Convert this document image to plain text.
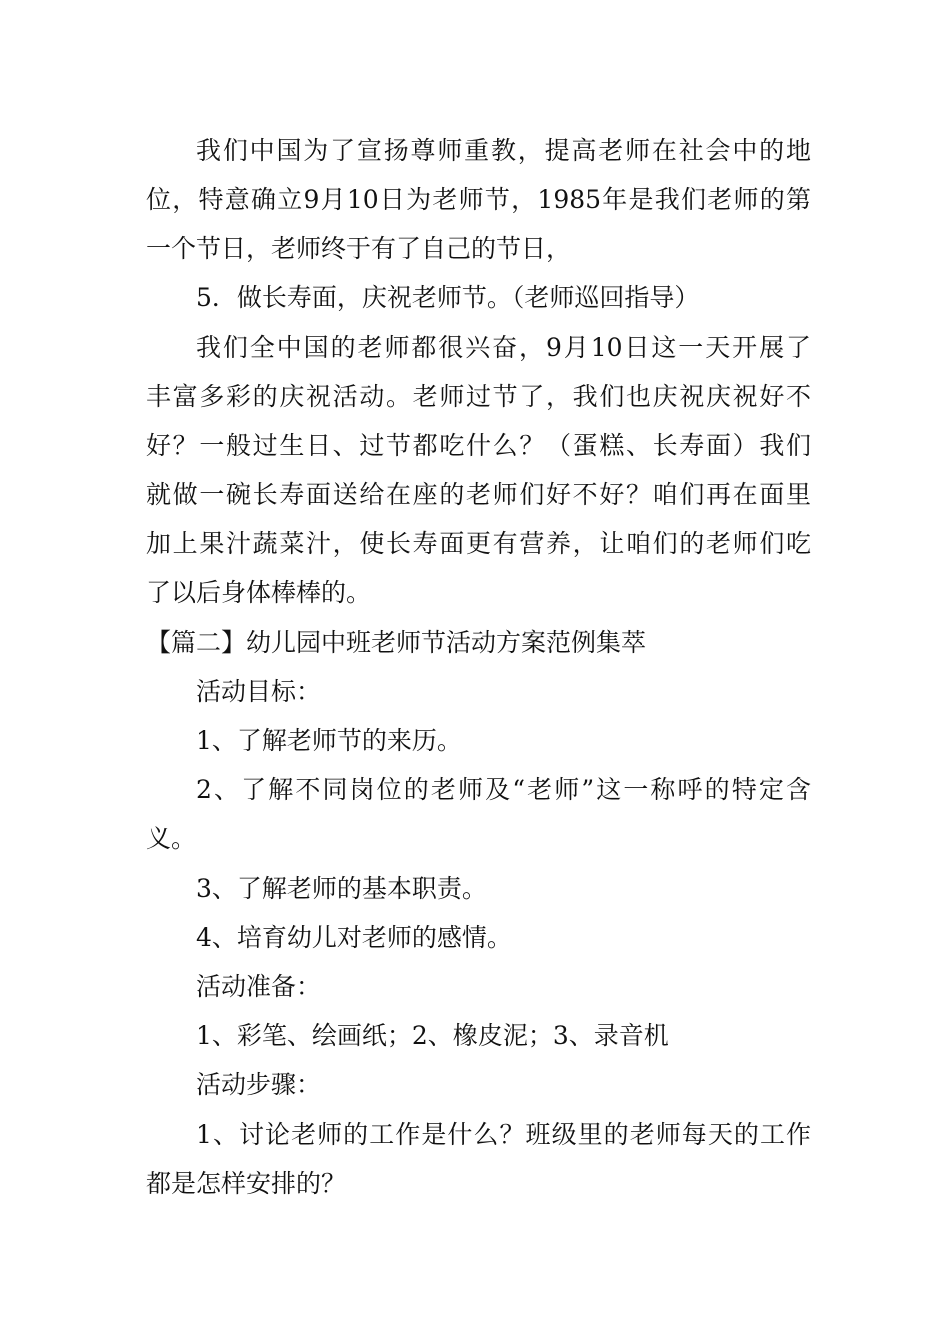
我们中国为了宣扬尊师重教，提高老师在社会中的地
位，特意确立9月10日为老师节，1985年是我们老师的第
一个节日，老师终于有了自己的节日，
5．做长寿面，庆祝老师节。（老师巡回指导）
我们全中国的老师都很兴奋，9月10日这一天开展了
丰富多彩的庆祝活动。老师过节了，我们也庆祝庆祝好不
好？一般过生日、过节都吃什么？（蛋糕、长寿面）我们
就做一碗长寿面送给在座的老师们好不好？咱们再在面里
加上果汁蔬菜汁，使长寿面更有营养，让咱们的老师们吃
了以后身体棒棒的。
【篇二】幼儿园中班老师节活动方案范例集萃
活动目标：
1、了解老师节的来历。
2、了解不同岗位的老师及“老师”这一称呼的特定含
义。
3、了解老师的基本职责。
4、培育幼儿对老师的感情。
活动准备：
1、彩笔、绘画纸；2、橡皮泥；3、录音机
活动步骤：
1、讨论老师的工作是什么？班级里的老师每天的工作
都是怎样安排的？
